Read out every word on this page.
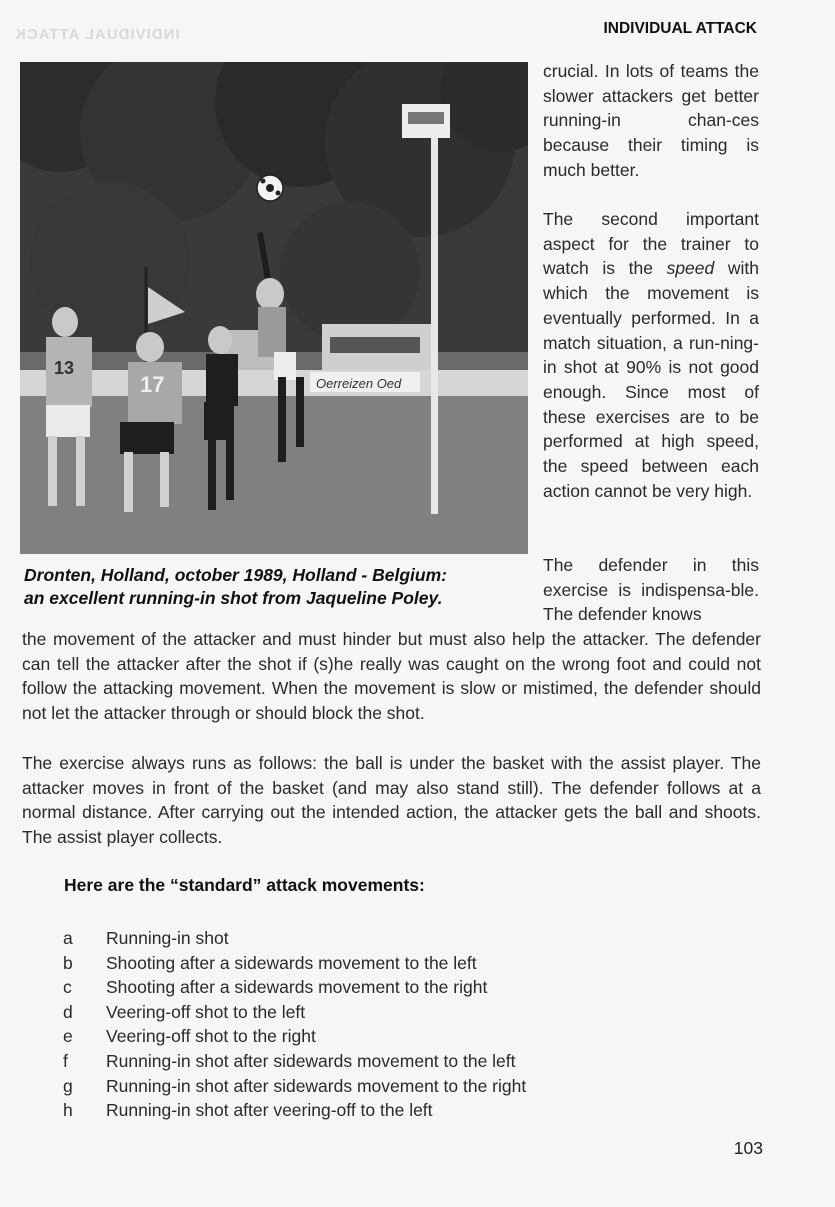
INDIVIDUAL ATTACK	INDIVIDUAL ATTACK
Oerreizen Oed
13
17
Dronten, Holland, october 1989, Holland - Belgium:
an excellent running-in shot from Jaqueline Poley.

crucial. In lots of teams the slower attackers get better running-in chan-ces because their timing is much better.

The second important aspect for the trainer to watch is the speed with which the movement is eventually performed. In a match situation, a run-ning-in shot at 90% is not good enough. Since most of these exercises are to be performed at high speed, the speed between each action cannot be very high.

The defender in this exercise is indispensa-ble. The defender knows

the movement of the attacker and must hinder but must also help the attacker. The defender can tell the attacker after the shot if (s)he really was caught on the wrong foot and could not follow the attacking movement. When the movement is slow or mistimed, the defender should not let the attacker through or should block the shot.

The exercise always runs as follows: the ball is under the basket with the assist player. The attacker moves in front of the basket (and may also stand still). The defender follows at a normal distance. After carrying out the intended action, the attacker gets the ball and shoots. The assist player collects.

Here are the “standard” attack movements:
a	Running-in shot
b	Shooting after a sidewards movement to the left
c	Shooting after a sidewards movement to the right
d	Veering-off shot to the left
e	Veering-off shot to the right
f	Running-in shot after sidewards movement to the left
g	Running-in shot after sidewards movement to the right
h	Running-in shot after veering-off to the left
103
